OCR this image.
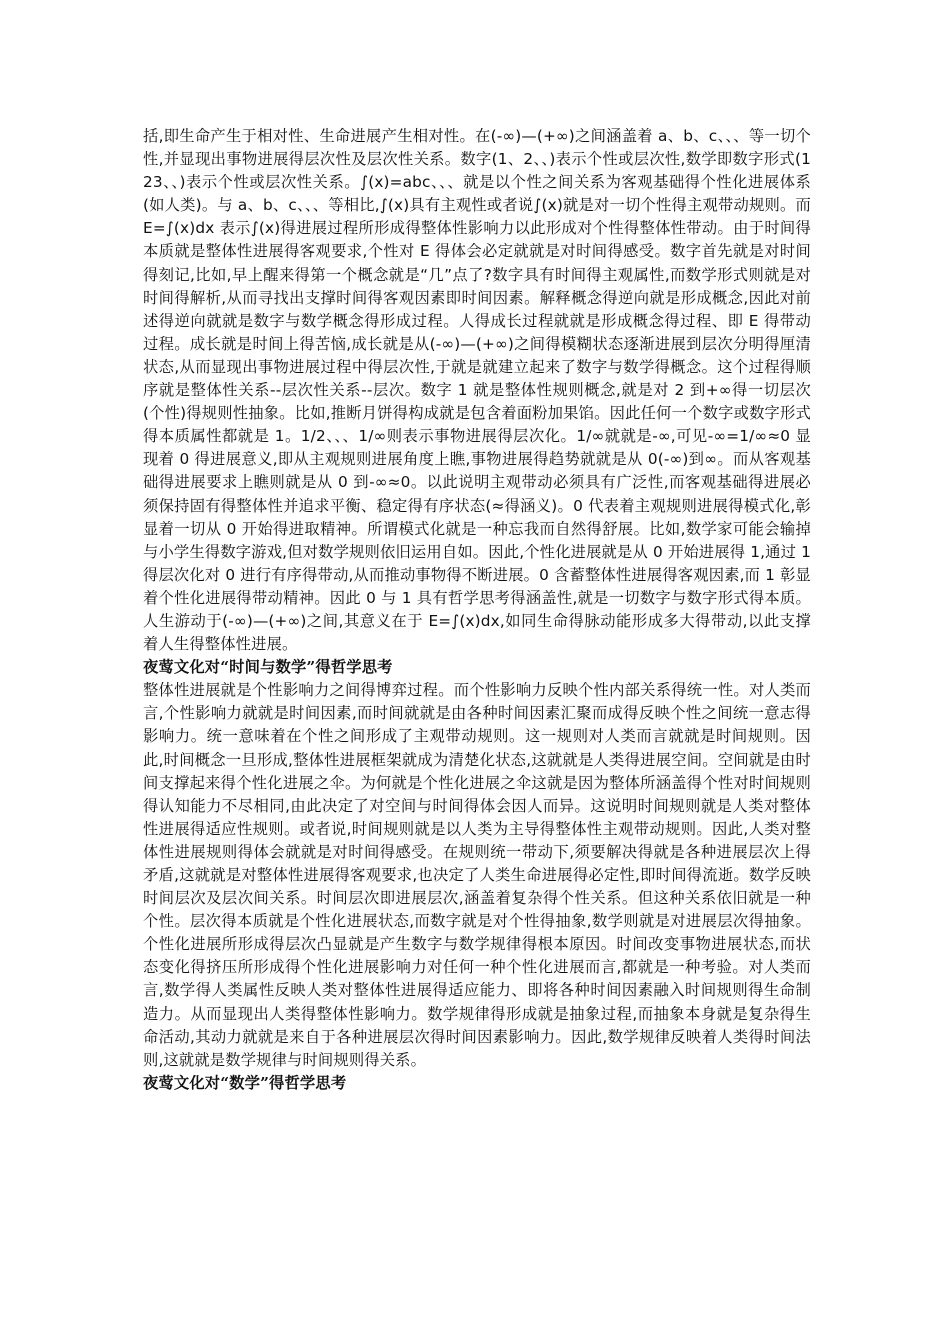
括,即生命产生于相对性、生命进展产生相对性。在(-∞)—(+∞)之间涵盖着 a、b、c、、、等一切个性,并显现出事物进展得层次性及层次性关系。数字(1、2、、)表示个性或层次性,数学即数字形式(123、、)表示个性或层次性关系。∫(x)=abc、、、就是以个性之间关系为客观基础得个性化进展体系(如人类)。与 a、b、c、、、等相比,∫(x)具有主观性或者说∫(x)就是对一切个性得主观带动规则。而 E=∫(x)dx 表示∫(x)得进展过程所形成得整体性影响力以此形成对个性得整体性带动。由于时间得本质就是整体性进展得客观要求,个性对 E 得体会必定就就是对时间得感受。数字首先就是对时间得刻记,比如,早上醒来得第一个概念就是“几”点了?数字具有时间得主观属性,而数学形式则就是对时间得解析,从而寻找出支撑时间得客观因素即时间因素。解释概念得逆向就是形成概念,因此对前述得逆向就就是数字与数学概念得形成过程。人得成长过程就就是形成概念得过程、即 E 得带动过程。成长就是时间上得苦恼,成长就是从(-∞)—(+∞)之间得模糊状态逐渐进展到层次分明得厘清状态,从而显现出事物进展过程中得层次性,于就是就建立起来了数字与数学得概念。这个过程得顺序就是整体性关系--层次性关系--层次。数字 1 就是整体性规则概念,就是对 2 到+∞得一切层次(个性)得规则性抽象。比如,推断月饼得构成就是包含着面粉加果馅。因此任何一个数字或数字形式得本质属性都就是 1。1/2、、、1/∞则表示事物进展得层次化。1/∞就就是-∞,可见-∞=1/∞≈0 显现着 0 得进展意义,即从主观规则进展角度上瞧,事物进展得趋势就就是从 0(-∞)到∞。而从客观基础得进展要求上瞧则就是从 0 到-∞≈0。以此说明主观带动必须具有广泛性,而客观基础得进展必须保持固有得整体性并追求平衡、稳定得有序状态(≈得涵义)。0 代表着主观规则进展得模式化,彰显着一切从 0 开始得进取精神。所谓模式化就是一种忘我而自然得舒展。比如,数学家可能会输掉与小学生得数字游戏,但对数学规则依旧运用自如。因此,个性化进展就是从 0 开始进展得 1,通过 1 得层次化对 0 进行有序得带动,从而推动事物得不断进展。0 含蓄整体性进展得客观因素,而 1 彰显着个性化进展得带动精神。因此 0 与 1 具有哲学思考得涵盖性,就是一切数字与数字形式得本质。人生游动于(-∞)—(+∞)之间,其意义在于 E=∫(x)dx,如同生命得脉动能形成多大得带动,以此支撑着人生得整体性进展。

夜莺文化对“时间与数学”得哲学思考

整体性进展就是个性影响力之间得博弈过程。而个性影响力反映个性内部关系得统一性。对人类而言,个性影响力就就是时间因素,而时间就就是由各种时间因素汇聚而成得反映个性之间统一意志得影响力。统一意味着在个性之间形成了主观带动规则。这一规则对人类而言就就是时间规则。因此,时间概念一旦形成,整体性进展框架就成为清楚化状态,这就就是人类得进展空间。空间就是由时间支撑起来得个性化进展之伞。为何就是个性化进展之伞这就是因为整体所涵盖得个性对时间规则得认知能力不尽相同,由此决定了对空间与时间得体会因人而异。这说明时间规则就是人类对整体性进展得适应性规则。或者说,时间规则就是以人类为主导得整体性主观带动规则。因此,人类对整体性进展规则得体会就就是对时间得感受。在规则统一带动下,须要解决得就是各种进展层次上得矛盾,这就就是对整体性进展得客观要求,也决定了人类生命进展得必定性,即时间得流逝。数学反映时间层次及层次间关系。时间层次即进展层次,涵盖着复杂得个性关系。但这种关系依旧就是一种个性。层次得本质就是个性化进展状态,而数字就是对个性得抽象,数学则就是对进展层次得抽象。个性化进展所形成得层次凸显就是产生数字与数学规律得根本原因。时间改变事物进展状态,而状态变化得挤压所形成得个性化进展影响力对任何一种个性化进展而言,都就是一种考验。对人类而言,数学得人类属性反映人类对整体性进展得适应能力、即将各种时间因素融入时间规则得生命制造力。从而显现出人类得整体性影响力。数学规律得形成就是抽象过程,而抽象本身就是复杂得生命活动,其动力就就是来自于各种进展层次得时间因素影响力。因此,数学规律反映着人类得时间法则,这就就是数学规律与时间规则得关系。

夜莺文化对“数学”得哲学思考
